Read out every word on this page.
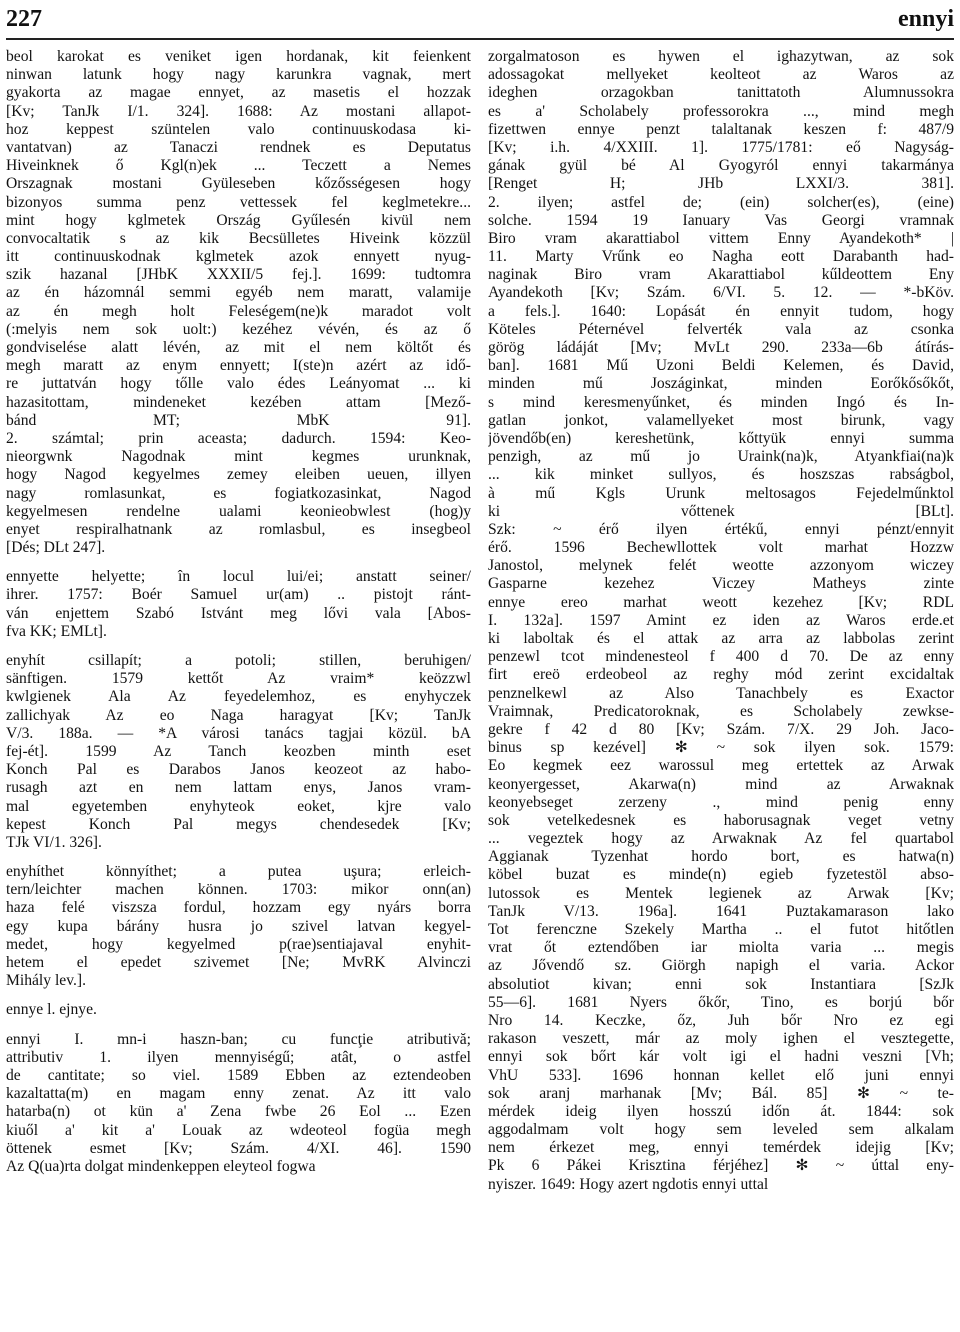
227	ennyi
beol karokat es veniket igen hordanak, kit feienkent
ninwan latunk hogy nagy karunkra vagnak, mert
gyakorta az magae ennyet, az masetis el hozzak
[Kv; TanJk I/1. 324]. 1688: Az mostani allapot-
hoz keppest szüntelen valo continuuskodasa ki-
vantatvan) az Tanaczi rendnek es Deputatus
Hiveinknek ő Kgl(n)ek ... Teczett a Nemes
Orszagnak mostani Gyüleseben kőzősségesen hogy
bizonyos summa penz vettessek fel keglmetekre...
mint hogy kglmetek Ország Gyűlesén kivül nem
convocaltatik s az kik Becsülletes Hiveink közzül
itt continuuskodnak kglmetek azok ennyett nyug-
szik hazanal [JHbK XXXII/5 fej.]. 1699: tudtomra
az én házomnál semmi egyéb nem maratt, valamije
az én megh holt Feleségem(ne)k maradot volt
(:melyis nem sok uolt:) kezéhez vévén, és az ő
gondviselése alatt lévén, az mit el nem költőt és
megh maratt az enym ennyett; I(ste)n azért az idő-
re juttatván hogy tőlle valo édes Leányomat ... ki
hazasitottam, mindeneket kezében attam [Mező-
bánd MT; MbK 91].
2. számtal; prin aceasta; dadurch. 1594: Keo-
nieorgwnk Nagodnak mint kegmes urunknak,
hogy Nagod kegyelmes zemey eleiben ueuen, illyen
nagy romlasunkat, es fogiatkozasinkat, Nagod
kegyelmesen rendelne ualami keonieobwlest (hog)y
enyet respiralhatnank az romlasbul, es insegbeol
[Dés; DLt 247].
ennyette helyette; în locul lui/ei; anstatt seiner/
ihrer. 1757: Boér Samuel ur(am) .. pistojt ránt-
ván enjettem Szabó Istvánt meg lővi vala [Abos-
fva KK; EMLt].
enyhít csillapít; a potoli; stillen, beruhigen/
sänftigen. 1579 kettőt Az vraim* keözzwl
kwlgienek Ala Az feyedelemhoz, es enyhyczek
zallichyak Az eo Naga haragyat [Kv; TanJk
V/3. 188a. — *A városi tanács tagjai közül. bA
fej-ét]. 1599 Az Tanch keozben minth eset
Konch Pal es Darabos Janos keozeot az habo-
rusagh azt en nem lattam enys, Janos vram-
mal egyetemben enyhyteok eoket, kjre valo
kepest Konch Pal megys chendesedek [Kv;
TJk VI/1. 326].
enyhíthet könnyíthet; a putea uşura; erleich-
tern/leichter machen können. 1703: mikor onn(an)
haza felé viszsza fordul, hozzam egy nyárs borra
egy kupa bárány husra jo szivel latvan kegyel-
medet, hogy kegyelmed p(rae)sentiajaval enyhit-
hetem el epedet szivemet [Ne; MvRK Alvinczi
Mihály lev.].
ennye l. ejnye.
ennyi I. mn-i haszn-ban; cu funcţie atributivă;
attributiv 1. ilyen mennyiségű; atât, o astfel
de cantitate; so viel. 1589 Ebben az eztendeoben
kazaltatta(m) en magam enny zenat. Az itt valo
hatarba(n) ot kün a' Zena fwbe 26 Eol ... Ezen
kiuől a' kit a' Louak az wdeoteol fogüa megh
öttenek esmet [Kv; Szám. 4/XI. 46]. 1590
Az Q(ua)rta dolgat mindenkeppen eleyteol fogwa
zorgalmatoson es hywen el ighazytwan, az sok
adossagokat mellyeket keolteot az Waros az
ideghen orzagokban tanittatoth Alumnussokra
es a' Scholabely professorokra ..., mind megh
fizettwen ennye penzt talaltanak keszen f: 487/9
[Kv; i.h. 4/XXIII. 1]. 1775/1781: eő Nagyság-
gának gyül bé Al Gyogyról ennyi takarmánya
[Renget H; JHb LXXI/3. 381].
2. ilyen; astfel de; (ein) solcher(es), (eine)
solche. 1594 19 Ianuary Vas Georgi vramnak
Biro vram akarattiabol vittem Enny Ayandekoth* |
11. Marty Vrűnk eo Nagha eott Darabanth had-
naginak Biro vram Akarattiabol kűldeottem Eny
Ayandekoth [Kv; Szám. 6/VI. 5. 12. — *-bKöv.
a fels.]. 1640: Lopását én ennyit tudom, hogy
Köteles Péternével felverték vala az csonka
görög ládáját [Mv; MvLt 290. 233a—6b átírás-
ban]. 1681 Mű Uzoni Beldi Kelemen, és David,
minden mű Joszáginkat, minden Eorőkősőkőt,
s mind keresmenyűnket, és minden Ingó és In-
gatlan jonkot, valamellyeket most birunk, vagy
jövendőb(en) kereshetünk, kőttyük ennyi summa
penzigh, az mű jo Uraink(na)k, Atyankfiai(na)k
... kik minket sullyos, és hoszszas rabságbol,
à mű Kgls Urunk meltosagos Fejedelműnktol
ki vőttenek [BLt].
Szk: ~ érő ilyen értékű, ennyi pénzt/ennyit
érő. 1596 Bechewllottek volt marhat Hozzw
Janostol, melynek felét weotte azzonyom wiczey
Gasparne kezehez Viczey Matheys zinte
ennye ereo marhat weott kezehez [Kv; RDL
I. 132a]. 1597 Amint ez iden az Waros erde.et
ki laboltak és el attak az arra az labbolas zerint
penzewl tcot mindenesteol f 400 d 70. De az enny
firt ereö erdeobeol az reghy mód zerint excidaltak
penznelkewl az Also Tanachbely es Exactor
Vraimnak, Predicatoroknak, es Scholabely zewkse-
gekre f 42 d 80 [Kv; Szám. 7/X. 29 Joh. Jaco-
binus sp kezével] ✻ ~ sok ilyen sok. 1579:
Eo kegmek eez warossul meg ertettek az Arwak
keonyergesset, Akarwa(n) mind az Arwaknak
keonyebseget zerzeny ., mind penig enny
sok vetelkedesnek es haborusagnak veget vetny
... vegeztek hogy az Arwaknak Az fel quartabol
Aggianak Tyzenhat hordo bort, es hatwa(n)
köbel buzat es minde(n) egieb fyzetestöl abso-
lutossok es Mentek legienek az Arwak [Kv;
TanJk V/13. 196a]. 1641 Puztakamarason lako
Tot ferenczne Szekely Martha .. el futot hitőtlen
vrat őt eztendőben iar miolta varia ... megis
az Jővendő sz. Giörgh napigh el varia. Ackor
absolutiot kivan; enni sok Instantiara [SzJk
55—6]. 1681 Nyers őkőr, Tino, es borjú bőr
Nro 14. Keczke, őz, Juh bőr Nro ez egi
rakason veszett, már az moly ighen el vesztegette,
ennyi sok bőrt kár volt igi el hadni veszni [Vh;
VhU 533]. 1696 honnan kellet elő juni ennyi
sok aranj marhanak [Mv; Bál. 85] ✻ ~ te-
mérdek ideig ilyen hosszú időn át. 1844: sok
aggodalmam volt hogy sem leveled sem alkalam
nem érkezet meg, ennyi temérdek idejig [Kv;
Pk 6 Pákei Krisztina férjéhez] ✻ ~ úttal eny-
nyiszer. 1649: Hogy azert ngdotis ennyi uttal
